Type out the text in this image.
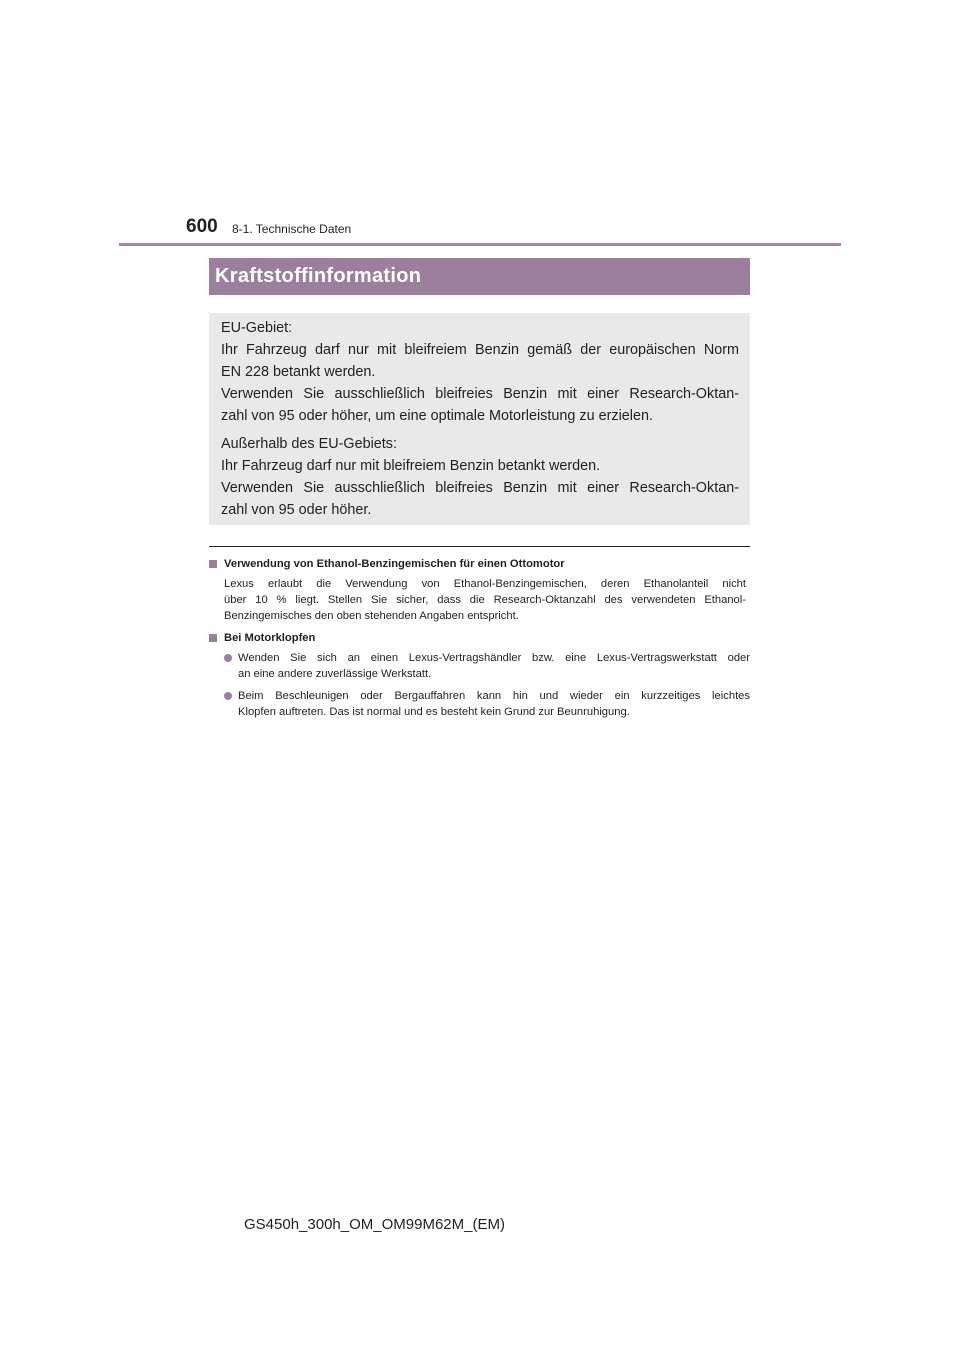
600 8-1. Technische Daten
Kraftstoffinformation

EU-Gebiet:

Ihr Fahrzeug darf nur mit bleifreiem Benzin gemäß der europäischen Norm

EN 228 betankt werden.

Verwenden Sie ausschließlich bleifreies Benzin mit einer Research-Oktan-

zahl von 95 oder höher, um eine optimale Motorleistung zu erzielen.

Außerhalb des EU-Gebiets:

Ihr Fahrzeug darf nur mit bleifreiem Benzin betankt werden.

Verwenden Sie ausschließlich bleifreies Benzin mit einer Research-Oktan-

zahl von 95 oder höher.

Verwendung von Ethanol-Benzingemischen für einen Ottomotor
Lexus erlaubt die Verwendung von Ethanol-Benzingemischen, deren Ethanolanteil nicht
über 10 % liegt. Stellen Sie sicher, dass die Research-Oktanzahl des verwendeten Ethanol-
Benzingemisches den oben stehenden Angaben entspricht.
Bei Motorklopfen
Wenden Sie sich an einen Lexus-Vertragshändler bzw. eine Lexus-Vertragswerkstatt oder
an eine andere zuverlässige Werkstatt.
Beim Beschleunigen oder Bergauffahren kann hin und wieder ein kurzzeitiges leichtes
Klopfen auftreten. Das ist normal und es besteht kein Grund zur Beunruhigung.
GS450h_300h_OM_OM99M62M_(EM)
